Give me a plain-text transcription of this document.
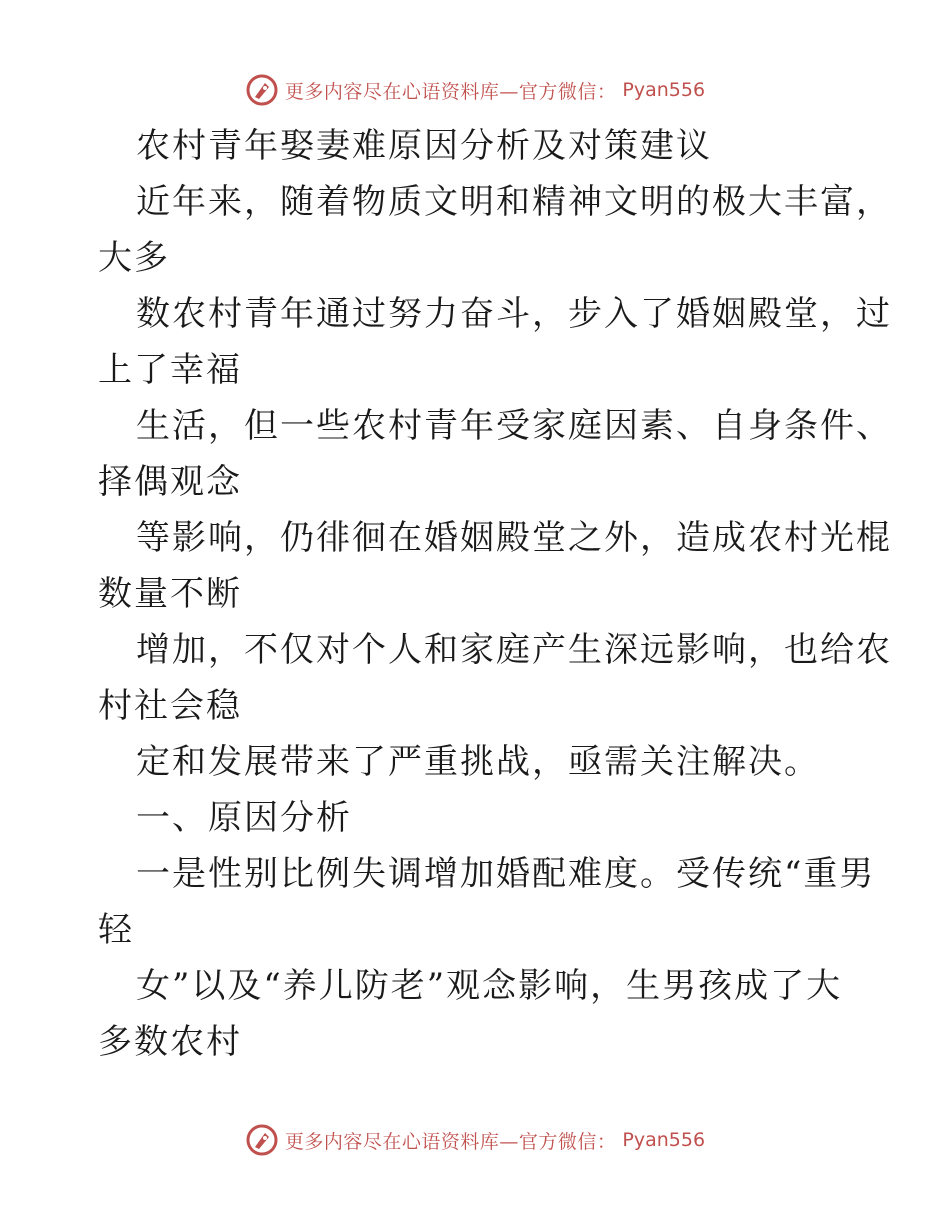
更多内容尽在心语资料库—官方微信： Pyan556
农村青年娶妻难原因分析及对策建议
近年来，随着物质文明和精神文明的极大丰富，
大多
数农村青年通过努力奋斗，步入了婚姻殿堂，过
上了幸福
生活，但一些农村青年受家庭因素、自身条件、
择偶观念
等影响，仍徘徊在婚姻殿堂之外，造成农村光棍
数量不断
增加，不仅对个人和家庭产生深远影响，也给农
村社会稳
定和发展带来了严重挑战，亟需关注解决。
一、原因分析
一是性别比例失调增加婚配难度。受传统“重男
轻
女”以及“养儿防老”观念影响，生男孩成了大
多数农村
更多内容尽在心语资料库—官方微信： Pyan556
